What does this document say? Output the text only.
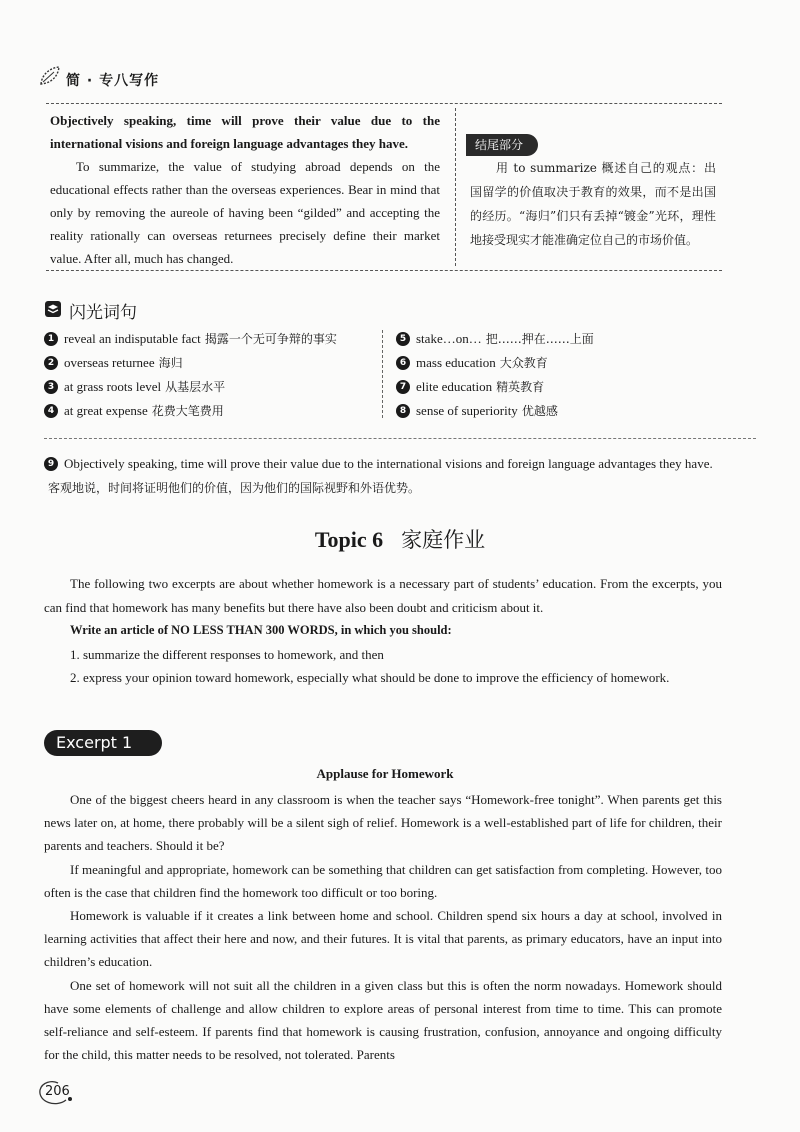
简 · 专八写作

Objectively speaking, time will prove their value due to the international visions and foreign language advantages they have.

To summarize, the value of studying abroad depends on the educational effects rather than the overseas experiences. Bear in mind that only by removing the aureole of having been “gilded” and accepting the reality rationally can overseas returnees precisely define their market value. After all, much has changed.

结尾部分
用 to summarize 概述自己的观点：出国留学的价值取决于教育的效果，而不是出国的经历。“海归”们只有丢掉“镀金”光环，理性地接受现实才能准确定位自己的市场价值。
闪光词句
1 reveal an indisputable fact 揭露一个无可争辩的事实
2 overseas returnee 海归
3 at grass roots level 从基层水平
4 at great expense 花费大笔费用
5 stake…on… 把……押在……上面
6 mass education 大众教育
7 elite education 精英教育
8 sense of superiority 优越感
9 Objectively speaking, time will prove their value due to the international visions and foreign language advantages they have. 客观地说，时间将证明他们的价值，因为他们的国际视野和外语优势。
Topic 6 家庭作业

The following two excerpts are about whether homework is a necessary part of students’ education. From the excerpts, you can find that homework has many benefits but there have also been doubt and criticism about it.

Write an article of NO LESS THAN 300 WORDS, in which you should:

1. summarize the different responses to homework, and then

2. express your opinion toward homework, especially what should be done to improve the efficiency of homework.

Excerpt 1
Applause for Homework

One of the biggest cheers heard in any classroom is when the teacher says “Homework-free tonight”. When parents get this news later on, at home, there probably will be a silent sigh of relief. Homework is a well-established part of life for children, their parents and teachers. Should it be?

If meaningful and appropriate, homework can be something that children can get satisfaction from completing. However, too often is the case that children find the homework too difficult or too boring.

Homework is valuable if it creates a link between home and school. Children spend six hours a day at school, involved in learning activities that affect their here and now, and their futures. It is vital that parents, as primary educators, have an input into children’s education.

One set of homework will not suit all the children in a given class but this is often the norm nowadays. Homework should have some elements of challenge and allow children to explore areas of personal interest from time to time. This can promote self-reliance and self-esteem. If parents find that homework is causing frustration, confusion, annoyance and ongoing difficulty for the child, this matter needs to be resolved, not tolerated. Parents

206
